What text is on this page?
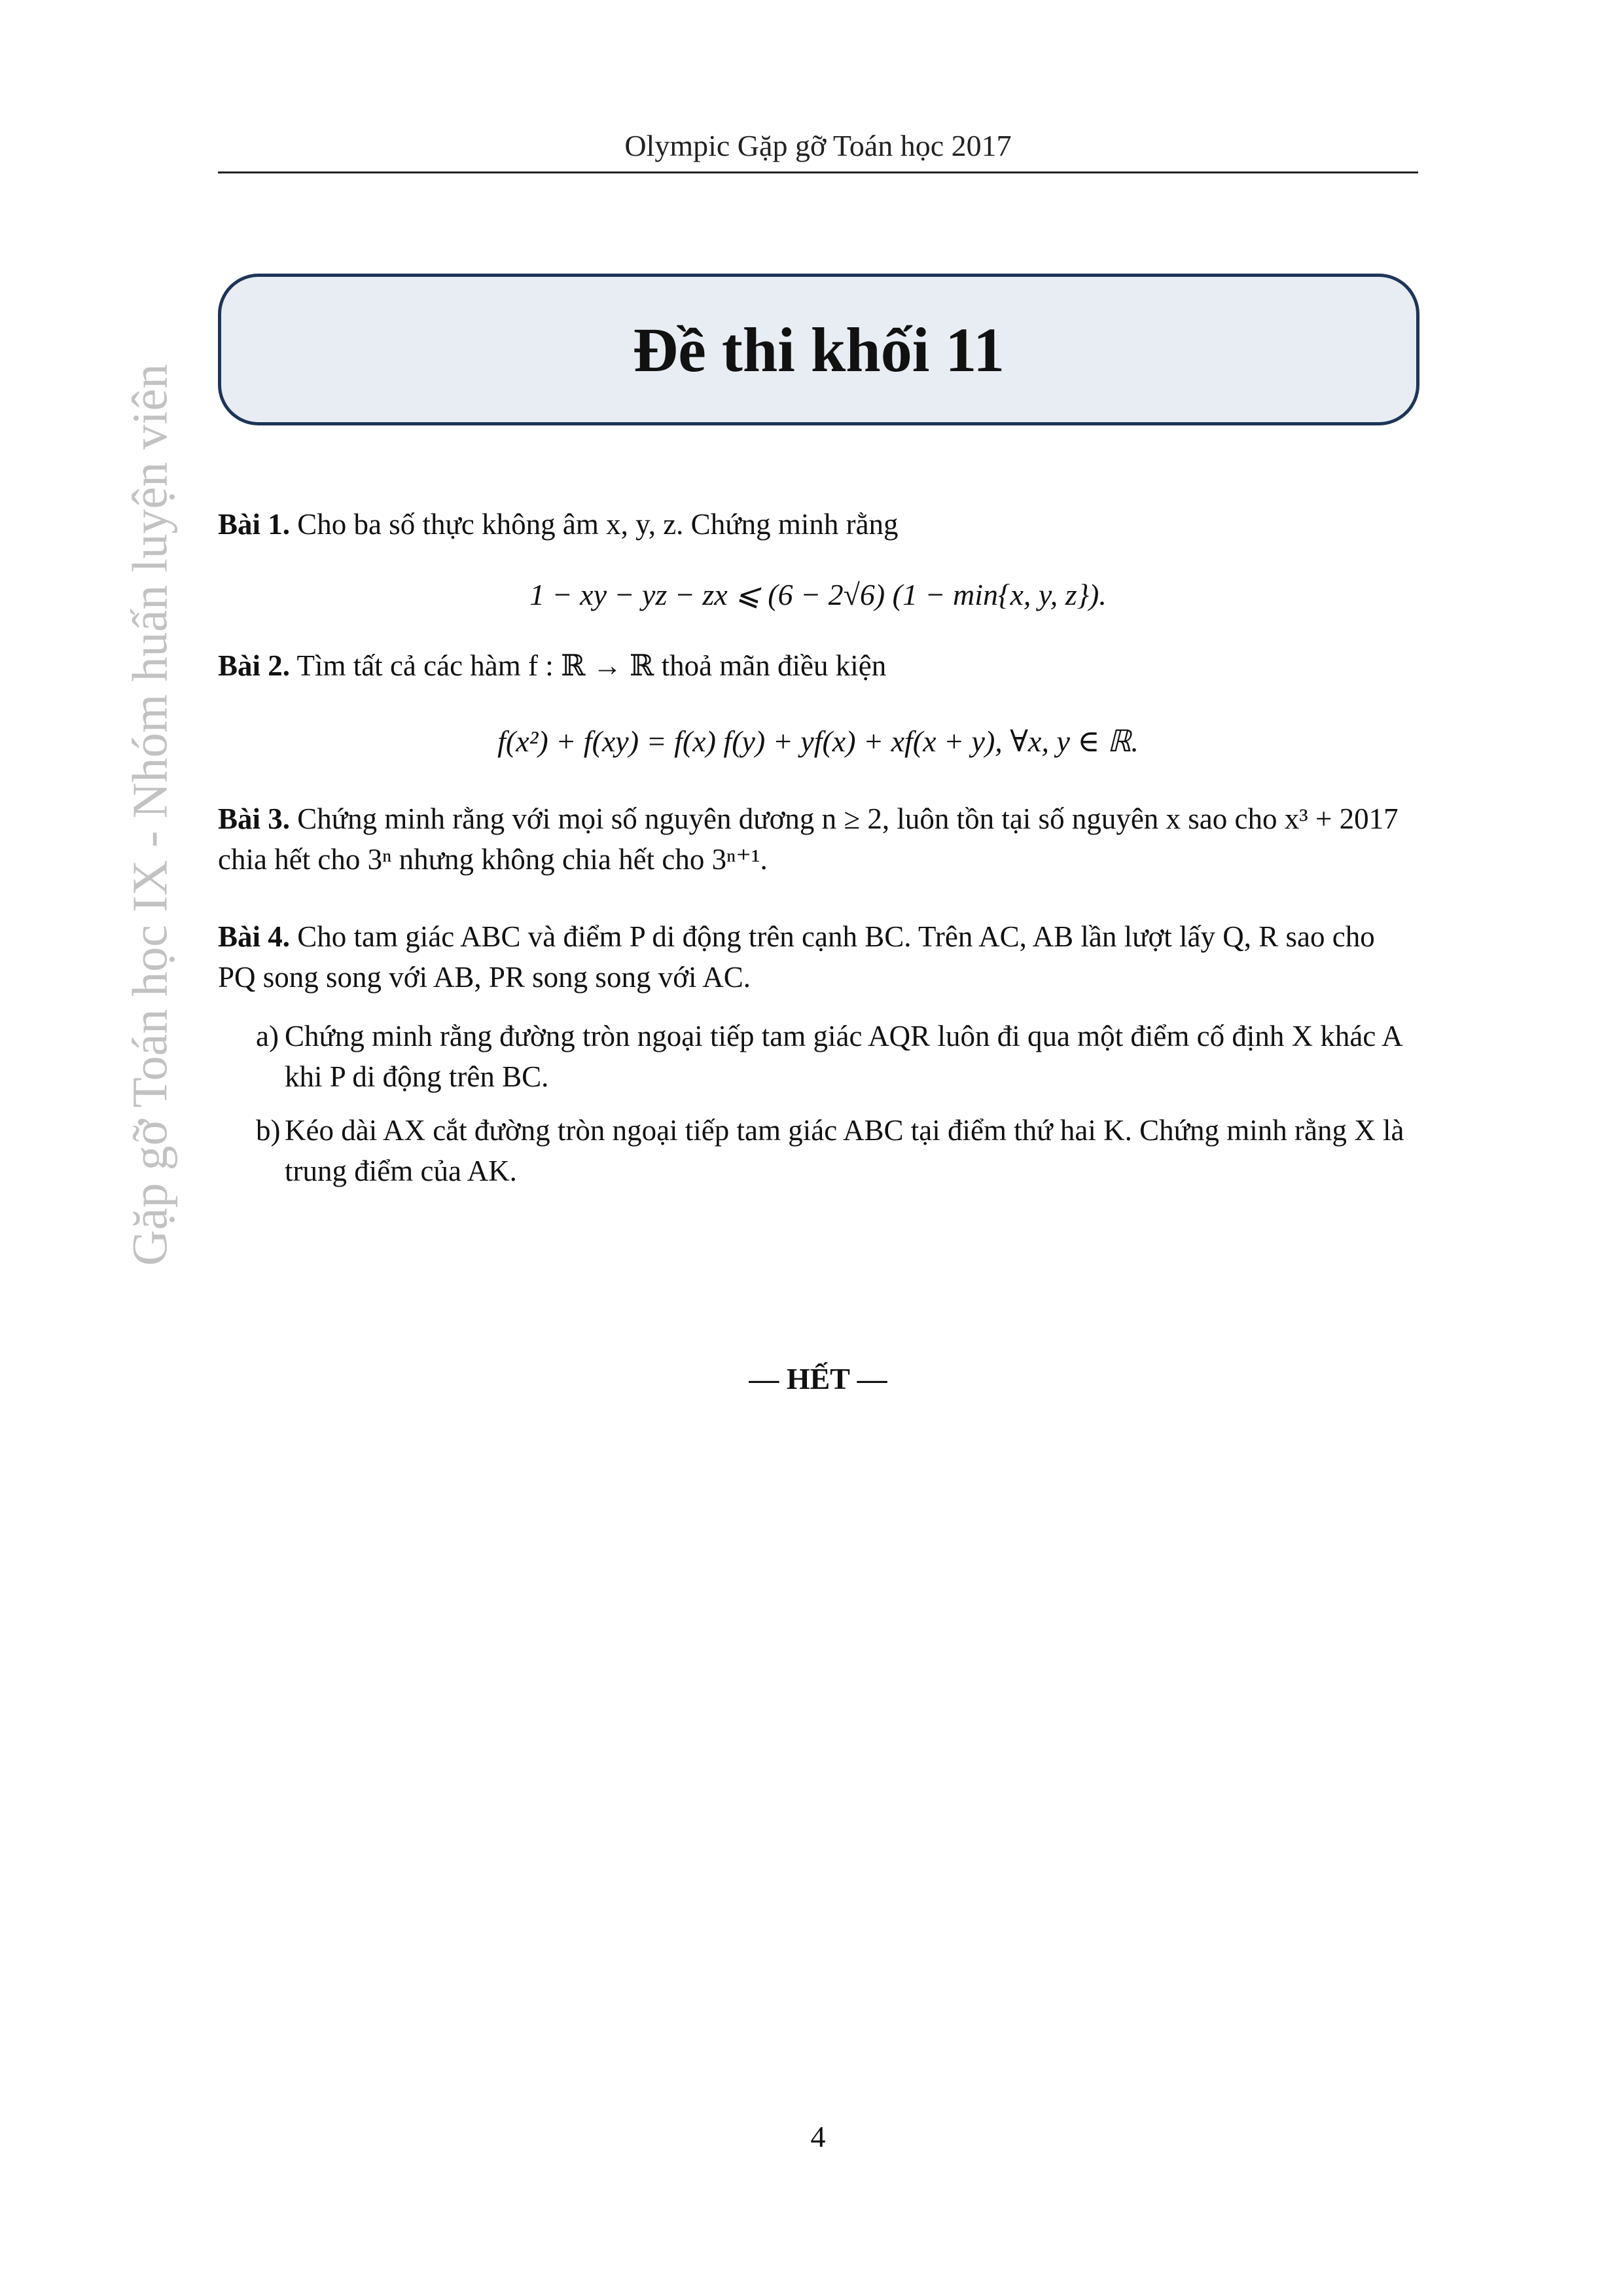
Olympic Gặp gỡ Toán học 2017
Gặp gỡ Toán học IX - Nhóm huấn luyện viên
Đề thi khối 11

Bài 1. Cho ba số thực không âm x, y, z. Chứng minh rằng

1 − xy − yz − zx ⩽ (6 − 2√6) (1 − min{x, y, z}).

Bài 2. Tìm tất cả các hàm f : ℝ → ℝ thoả mãn điều kiện

f(x²) + f(xy) = f(x) f(y) + yf(x) + xf(x + y), ∀x, y ∈ ℝ.

Bài 3. Chứng minh rằng với mọi số nguyên dương n ≥ 2, luôn tồn tại số nguyên x sao cho x³ + 2017 chia hết cho 3ⁿ nhưng không chia hết cho 3ⁿ⁺¹.

Bài 4. Cho tam giác ABC và điểm P di động trên cạnh BC. Trên AC, AB lần lượt lấy Q, R sao cho PQ song song với AB, PR song song với AC.

a) Chứng minh rằng đường tròn ngoại tiếp tam giác AQR luôn đi qua một điểm cố định X khác A khi P di động trên BC.
b) Kéo dài AX cắt đường tròn ngoại tiếp tam giác ABC tại điểm thứ hai K. Chứng minh rằng X là trung điểm của AK.
— HẾT —
4
